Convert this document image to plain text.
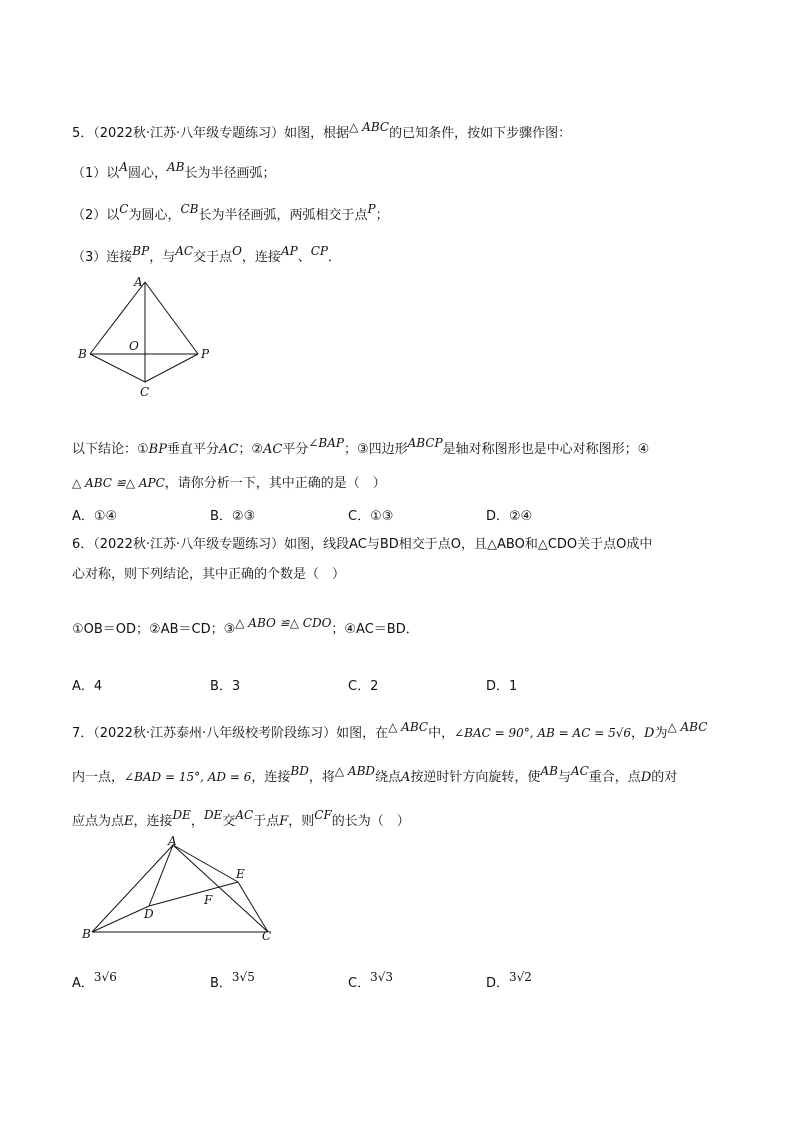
5．（2022秋·江苏·八年级专题练习）如图，根据△ ABC的已知条件，按如下步骤作图：
（1）以A圆心，AB长为半径画弧；
（2）以C为圆心，CB长为半径画弧，两弧相交于点P；
（3）连接BP，与AC交于点O，连接AP、CP．
A
B
C
O
P
以下结论：①BP垂直平分AC；②AC平分∠BAP；③四边形ABCP是轴对称图形也是中心对称图形；④
△ ABC ≌△ APC，请你分析一下，其中正确的是（　）
A．①④	B．②③	C．①③	D．②④
6．（2022秋·江苏·八年级专题练习）如图，线段AC与BD相交于点O，且△ABO和△CDO关于点O成中
心对称，则下列结论，其中正确的个数是（　）
①OB＝OD；②AB＝CD；③△ ABO ≌△ CDO；④AC＝BD．
A．4	B．3	C．2	D．1
7．（2022秋·江苏泰州·八年级校考阶段练习）如图，在△ ABC中，∠BAC = 90°, AB = AC = 5√6，D为△ ABC
内一点，∠BAD = 15°, AD = 6，连接BD，将△ ABD绕点A按逆时针方向旋转，使AB与AC重合，点D的对
应点为点E，连接DE，DE交AC于点F，则CF的长为（　）
A
B	C
D
E
F
A．3√6	B．3√5	C．3√3	D．3√2
